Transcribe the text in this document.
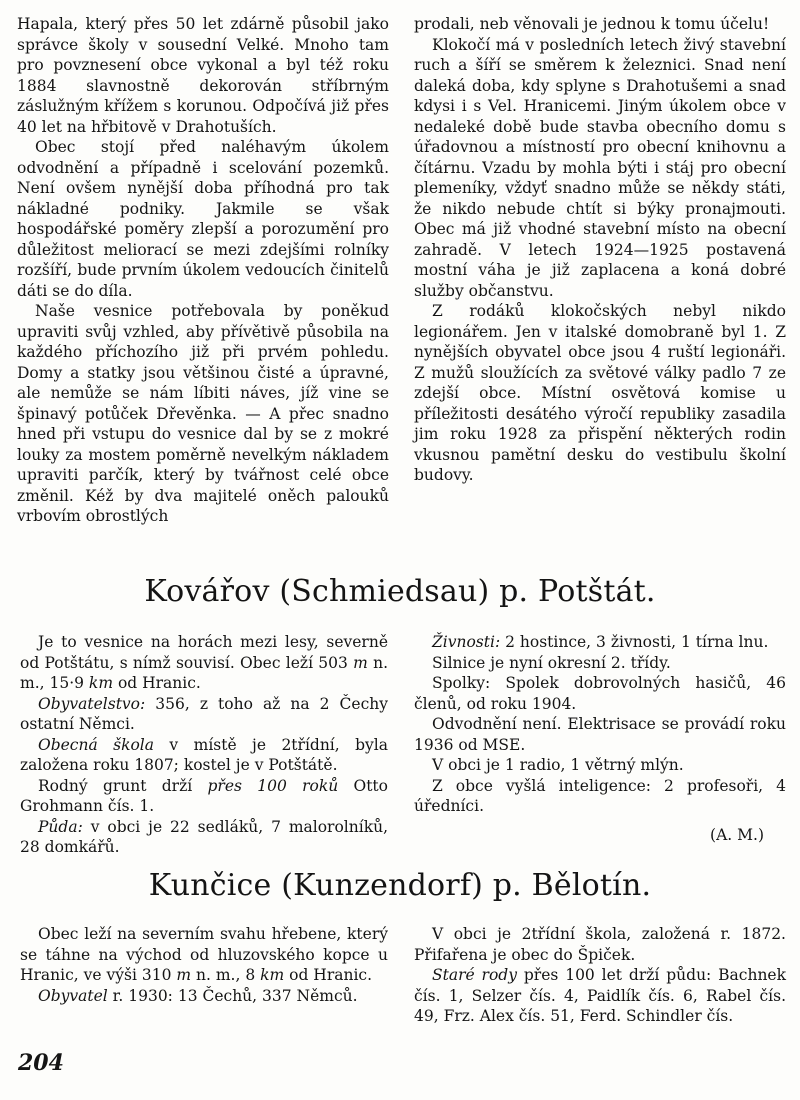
Hapala, který přes 50 let zdárně působil jako správce školy v sousední Velké. Mnoho tam pro povznesení obce vykonal a byl též roku 1884 slavnostně dekorován stříbrným záslužným křížem s korunou. Odpočívá již přes 40 let na hřbitově v Drahotuších.

Obec stojí před naléhavým úkolem odvodnění a případně i scelování pozemků. Není ovšem nynější doba příhodná pro tak nákladné podniky. Jakmile se však hospodářské poměry zlepší a porozumění pro důležitost meliorací se mezi zdejšími rolníky rozšíří, bude prvním úkolem vedoucích činitelů dáti se do díla.

Naše vesnice potřebovala by poněkud upraviti svůj vzhled, aby přívětivě působila na každého příchozího již při prvém pohledu. Domy a statky jsou většinou čisté a úpravné, ale nemůže se nám líbiti náves, jíž vine se špinavý potůček Dřevěnka. — A přec snadno hned při vstupu do vesnice dal by se z mokré louky za mostem poměrně nevelkým nákladem upraviti parčík, který by tvářnost celé obce změnil. Kéž by dva majitelé oněch palouků vrbovím obrostlých

prodali, neb věnovali je jednou k tomu účelu!

Klokočí má v posledních letech živý stavební ruch a šíří se směrem k železnici. Snad není daleká doba, kdy splyne s Drahotušemi a snad kdysi i s Vel. Hranicemi. Jiným úkolem obce v nedaleké době bude stavba obecního domu s úřadovnou a místností pro obecní knihovnu a čítárnu. Vzadu by mohla býti i stáj pro obecní plemeníky, vždyť snadno může se někdy státi, že nikdo nebude chtít si býky pronajmouti. Obec má již vhodné stavební místo na obecní zahradě. V letech 1924—1925 postavená mostní váha je již zaplacena a koná dobré služby občanstvu.

Z rodáků klokočských nebyl nikdo legionářem. Jen v italské domobraně byl 1. Z nynějších obyvatel obce jsou 4 ruští legionáři. Z mužů sloužících za světové války padlo 7 ze zdejší obce. Místní osvětová komise u příležitosti desátého výročí republiky zasadila jim roku 1928 za přispění některých rodin vkusnou pamětní desku do vestibulu školní budovy.

Kovářov (Schmiedsau) p. Potštát.

Je to vesnice na horách mezi lesy, severně od Potštátu, s nímž souvisí. Obec leží 503 m n. m., 15·9 km od Hranic.

Obyvatelstvo: 356, z toho až na 2 Čechy ostatní Němci.

Obecná škola v místě je 2třídní, byla založena roku 1807; kostel je v Potštátě.

Rodný grunt drží přes 100 roků Otto Grohmann čís. 1.

Půda: v obci je 22 sedláků, 7 malorolníků, 28 domkářů.

Živnosti: 2 hostince, 3 živnosti, 1 tírna lnu.

Silnice je nyní okresní 2. třídy.

Spolky: Spolek dobrovolných hasičů, 46 členů, od roku 1904.

Odvodnění není. Elektrisace se provádí roku 1936 od MSE.

V obci je 1 radio, 1 větrný mlýn.

Z obce vyšlá inteligence: 2 profesoři, 4 úředníci.

(A. M.)

Kunčice (Kunzendorf) p. Bělotín.

Obec leží na severním svahu hřebene, který se táhne na východ od hluzovského kopce u Hranic, ve výši 310 m n. m., 8 km od Hranic.

Obyvatel r. 1930: 13 Čechů, 337 Němců.

V obci je 2třídní škola, založená r. 1872. Přifařena je obec do Špiček.

Staré rody přes 100 let drží půdu: Bachnek čís. 1, Selzer čís. 4, Paidlík čís. 6, Rabel čís. 49, Frz. Alex čís. 51, Ferd. Schindler čís.

204
